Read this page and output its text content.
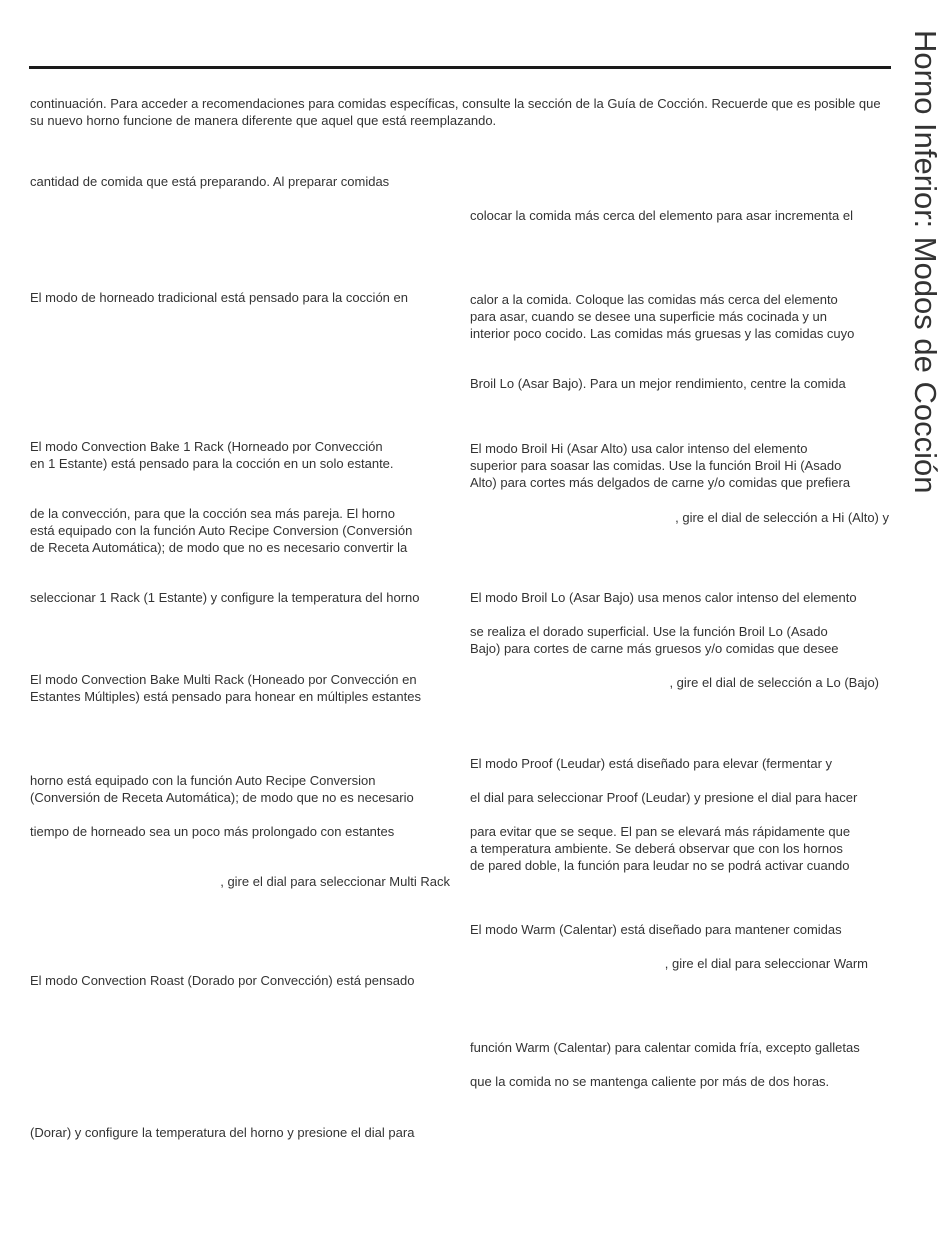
Horno Inferior: Modos de Cocción

continuación. Para acceder a recomendaciones para comidas específicas, consulte la sección de la Guía de Cocción. Recuerde que es posible que su nuevo horno funcione de manera diferente que aquel que está reemplazando.

cantidad de comida que está preparando. Al preparar comidas

El modo de horneado tradicional está pensado para la cocción en

El modo Convection Bake 1 Rack (Horneado por Convección
en 1 Estante) está pensado para la cocción en un solo estante.

de la convección, para que la cocción sea más pareja. El horno
está equipado con la función Auto Recipe Conversion (Conversión
de Receta Automática); de modo que no es necesario convertir la

seleccionar 1 Rack (1 Estante) y configure la temperatura del horno

El modo Convection Bake Multi Rack (Honeado por Convección en
Estantes Múltiples) está pensado para honear en múltiples estantes

horno está equipado con la función Auto Recipe Conversion
(Conversión de Receta Automática); de modo que no es necesario

tiempo de horneado sea un poco más prolongado con estantes

, gire el dial para seleccionar Multi Rack

El modo Convection Roast (Dorado por Convección) está pensado

(Dorar) y configure la temperatura del horno y presione el dial para

colocar la comida más cerca del elemento para asar incrementa el

calor a la comida. Coloque las comidas más cerca del elemento
para asar, cuando se desee una superficie más cocinada y un
interior poco cocido. Las comidas más gruesas y las comidas cuyo

Broil Lo (Asar Bajo). Para un mejor rendimiento, centre la comida

El modo Broil Hi (Asar Alto) usa calor intenso del elemento
superior para soasar las comidas. Use la función Broil Hi (Asado
Alto) para cortes más delgados de carne y/o comidas que prefiera

, gire el dial de selección a Hi (Alto) y

El modo Broil Lo (Asar Bajo) usa menos calor intenso del elemento

se realiza el dorado superficial. Use la función Broil Lo (Asado
Bajo) para cortes de carne más gruesos y/o comidas que desee

, gire el dial de selección a Lo (Bajo)

El modo Proof (Leudar) está diseñado para elevar (fermentar y

el dial para seleccionar Proof (Leudar) y presione el dial para hacer

para evitar que se seque. El pan se elevará más rápidamente que
a temperatura ambiente. Se deberá observar que con los hornos
de pared doble, la función para leudar no se podrá activar cuando

El modo Warm (Calentar) está diseñado para mantener comidas

, gire el dial para seleccionar Warm

función Warm (Calentar) para calentar comida fría, excepto galletas

que la comida no se mantenga caliente por más de dos horas.
